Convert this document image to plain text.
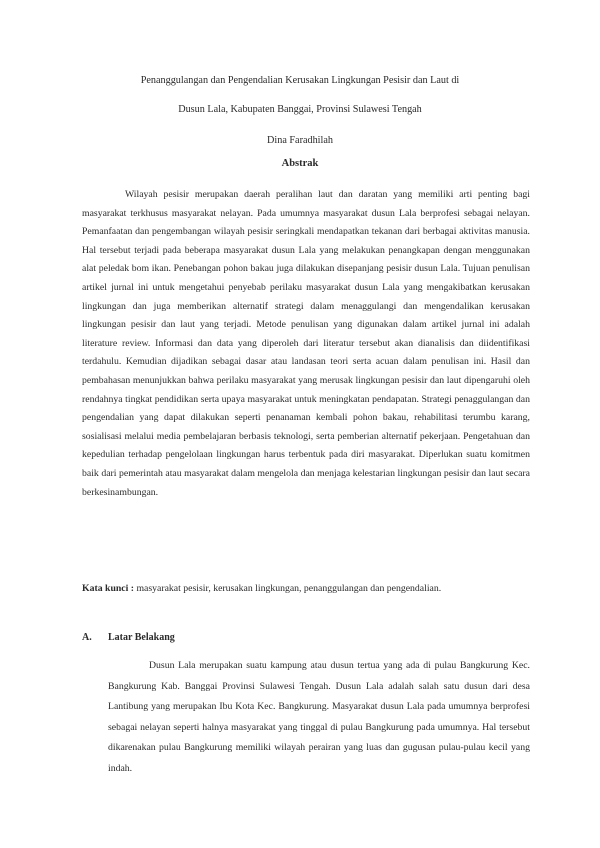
Penanggulangan dan Pengendalian Kerusakan Lingkungan Pesisir dan Laut di
Dusun Lala, Kabupaten Banggai, Provinsi Sulawesi Tengah
Dina Faradhilah
Abstrak

Wilayah pesisir merupakan daerah peralihan laut dan daratan yang memiliki arti penting bagi masyarakat terkhusus masyarakat nelayan. Pada umumnya masyarakat dusun Lala berprofesi sebagai nelayan. Pemanfaatan dan pengembangan wilayah pesisir seringkali mendapatkan tekanan dari berbagai aktivitas manusia. Hal tersebut terjadi pada beberapa masyarakat dusun Lala yang melakukan penangkapan dengan menggunakan alat peledak bom ikan. Penebangan pohon bakau juga dilakukan disepanjang pesisir dusun Lala. Tujuan penulisan artikel jurnal ini untuk mengetahui penyebab perilaku masyarakat dusun Lala yang mengakibatkan kerusakan lingkungan dan juga memberikan alternatif strategi dalam menaggulangi dan mengendalikan kerusakan lingkungan pesisir dan laut yang terjadi. Metode penulisan yang digunakan dalam artikel jurnal ini adalah literature review. Informasi dan data yang diperoleh dari literatur tersebut akan dianalisis dan diidentifikasi terdahulu. Kemudian dijadikan sebagai dasar atau landasan teori serta acuan dalam penulisan ini. Hasil dan pembahasan menunjukkan bahwa perilaku masyarakat yang merusak lingkungan pesisir dan laut dipengaruhi oleh rendahnya tingkat pendidikan serta upaya masyarakat untuk meningkatan pendapatan. Strategi penaggulangan dan pengendalian yang dapat dilakukan seperti penanaman kembali pohon bakau, rehabilitasi terumbu karang, sosialisasi melalui media pembelajaran berbasis teknologi, serta pemberian alternatif pekerjaan. Pengetahuan dan kepedulian terhadap pengelolaan lingkungan harus terbentuk pada diri masyarakat. Diperlukan suatu komitmen baik dari pemerintah atau masyarakat dalam mengelola dan menjaga kelestarian lingkungan pesisir dan laut secara berkesinambungan.

Kata kunci : masyarakat pesisir, kerusakan lingkungan, penanggulangan dan pengendalian.
A. Latar Belakang

Dusun Lala merupakan suatu kampung atau dusun tertua yang ada di pulau Bangkurung Kec. Bangkurung Kab. Banggai Provinsi Sulawesi Tengah. Dusun Lala adalah salah satu dusun dari desa Lantibung yang merupakan Ibu Kota Kec. Bangkurung. Masyarakat dusun Lala pada umumnya berprofesi sebagai nelayan seperti halnya masyarakat yang tinggal di pulau Bangkurung pada umumnya. Hal tersebut dikarenakan pulau Bangkurung memiliki wilayah perairan yang luas dan gugusan pulau-pulau kecil yang indah.
